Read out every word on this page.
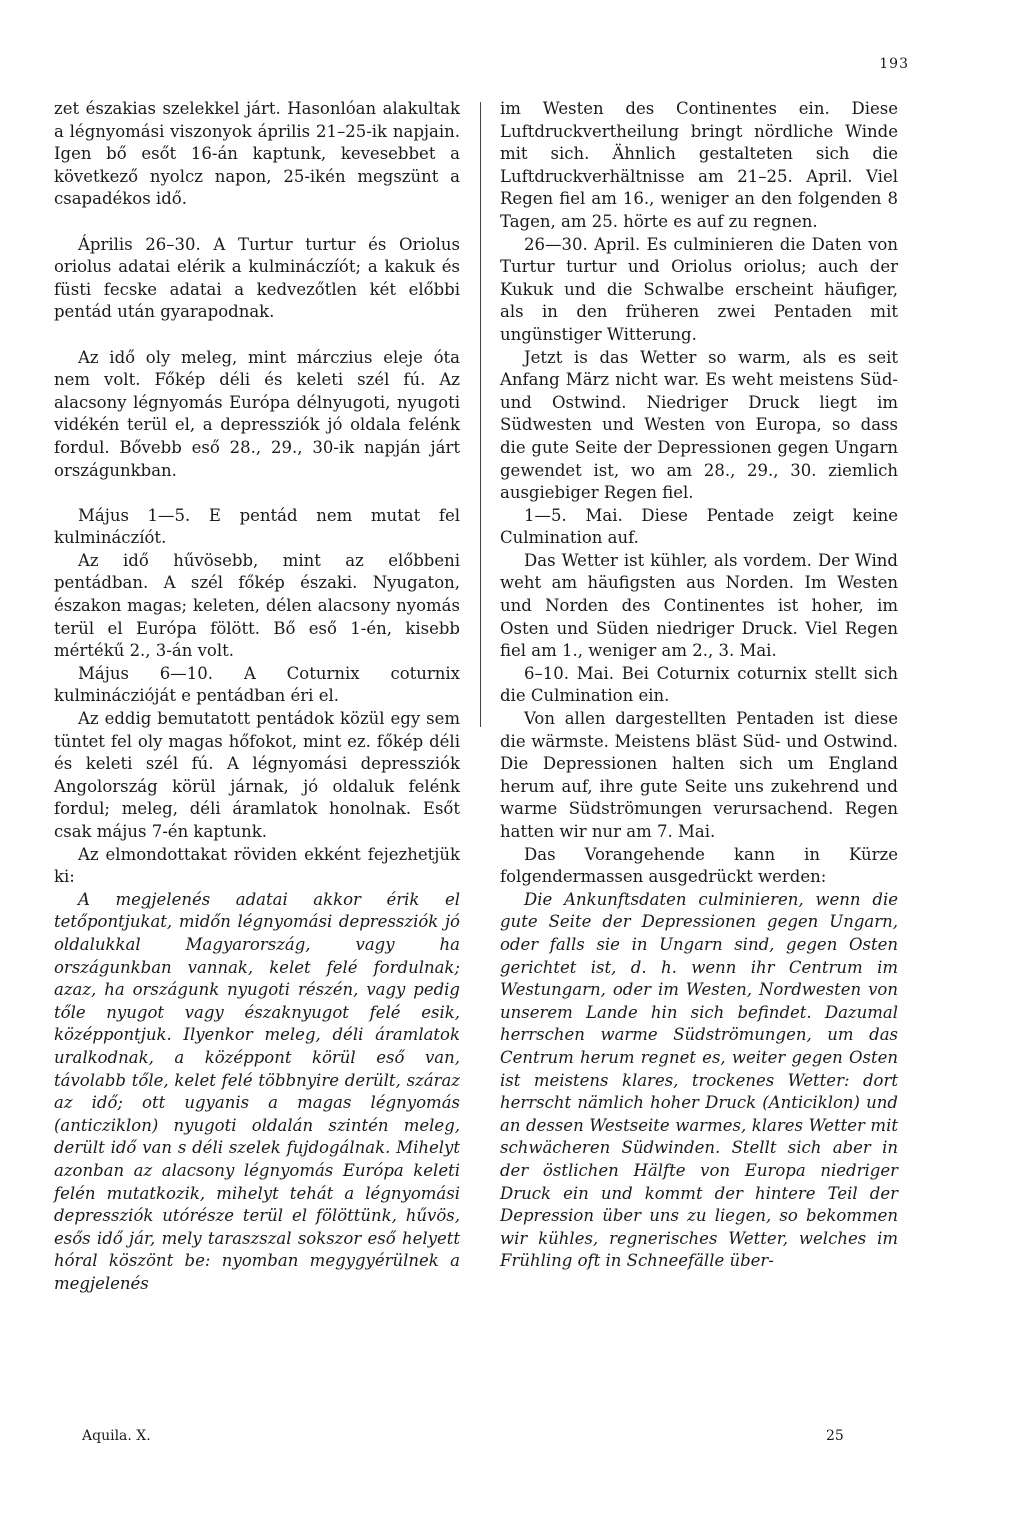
193

zet északias szelekkel járt. Hasonlóan alakultak a légnyomási viszonyok április 21–25-ik napjain. Igen bő esőt 16-án kaptunk, kevesebbet a következő nyolcz napon, 25-ikén megszünt a csapadékos idő.

Április 26–30. A Turtur turtur és Oriolus oriolus adatai elérik a kulmináczíót; a kakuk és füsti fecske adatai a kedvezőtlen két előbbi pentád után gyarapodnak.

Az idő oly meleg, mint márczius eleje óta nem volt. Főkép déli és keleti szél fú. Az alacsony légnyomás Európa délnyugoti, nyugoti vidékén terül el, a depressziók jó oldala felénk fordul. Bővebb eső 28., 29., 30-ik napján járt országunkban.

Május 1—5. E pentád nem mutat fel kulmináczíót.

Az idő hűvösebb, mint az előbbeni pentádban. A szél főkép északi. Nyugaton, északon magas; keleten, délen alacsony nyomás terül el Európa fölött. Bő eső 1-én, kisebb mértékű 2., 3-án volt.

Május 6—10. A Coturnix coturnix kulmináczióját e pentádban éri el.

Az eddig bemutatott pentádok közül egy sem tüntet fel oly magas hőfokot, mint ez. főkép déli és keleti szél fú. A légnyomási depressziók Angolország körül járnak, jó oldaluk felénk fordul; meleg, déli áramlatok honolnak. Esőt csak május 7-én kaptunk.

Az elmondottakat röviden ekként fejezhetjük ki:

A megjelenés adatai akkor érik el tetőpontjukat, midőn légnyomási depressziók jó oldalukkal Magyarország, vagy ha országunkban vannak, kelet felé fordulnak; azaz, ha országunk nyugoti részén, vagy pedig tőle nyugot vagy északnyugot felé esik, középpontjuk. Ilyenkor meleg, déli áramlatok uralkodnak, a középpont körül eső van, távolabb tőle, kelet felé többnyire derült, száraz az idő; ott ugyanis a magas légnyomás (anticziklon) nyugoti oldalán szintén meleg, derült idő van s déli szelek fujdogálnak. Mihelyt azonban az alacsony légnyomás Európa keleti felén mutatkozik, mihelyt tehát a légnyomási depressziók utórésze terül el fölöttünk, hűvös, esős idő jár, mely taraszszal sokszor eső helyett hóral köszönt be: nyomban megygyérülnek a megjelenés

im Westen des Continentes ein. Diese Luftdruckvertheilung bringt nördliche Winde mit sich. Ähnlich gestalteten sich die Luftdruckverhältnisse am 21–25. April. Viel Regen fiel am 16., weniger an den folgenden 8 Tagen, am 25. hörte es auf zu regnen.

26—30. April. Es culminieren die Daten von Turtur turtur und Oriolus oriolus; auch der Kukuk und die Schwalbe erscheint häufiger, als in den früheren zwei Pentaden mit ungünstiger Witterung.

Jetzt is das Wetter so warm, als es seit Anfang März nicht war. Es weht meistens Süd- und Ostwind. Niedriger Druck liegt im Südwesten und Westen von Europa, so dass die gute Seite der Depressionen gegen Ungarn gewendet ist, wo am 28., 29., 30. ziemlich ausgiebiger Regen fiel.

1—5. Mai. Diese Pentade zeigt keine Culmination auf.

Das Wetter ist kühler, als vordem. Der Wind weht am häufigsten aus Norden. Im Westen und Norden des Continentes ist hoher, im Osten und Süden niedriger Druck. Viel Regen fiel am 1., weniger am 2., 3. Mai.

6–10. Mai. Bei Coturnix coturnix stellt sich die Culmination ein.

Von allen dargestellten Pentaden ist diese die wärmste. Meistens bläst Süd- und Ostwind. Die Depressionen halten sich um England herum auf, ihre gute Seite uns zukehrend und warme Südströmungen verursachend. Regen hatten wir nur am 7. Mai.

Das Vorangehende kann in Kürze folgendermassen ausgedrückt werden:

Die Ankunftsdaten culminieren, wenn die gute Seite der Depressionen gegen Ungarn, oder falls sie in Ungarn sind, gegen Osten gerichtet ist, d. h. wenn ihr Centrum im Westungarn, oder im Westen, Nordwesten von unserem Lande hin sich befindet. Dazumal herrschen warme Südströmungen, um das Centrum herum regnet es, weiter gegen Osten ist meistens klares, trockenes Wetter: dort herrscht nämlich hoher Druck (Anticiklon) und an dessen Westseite warmes, klares Wetter mit schwächeren Südwinden. Stellt sich aber in der östlichen Hälfte von Europa niedriger Druck ein und kommt der hintere Teil der Depression über uns zu liegen, so bekommen wir kühles, regnerisches Wetter, welches im Frühling oft in Schneefälle über-

Aquila. X.	25
